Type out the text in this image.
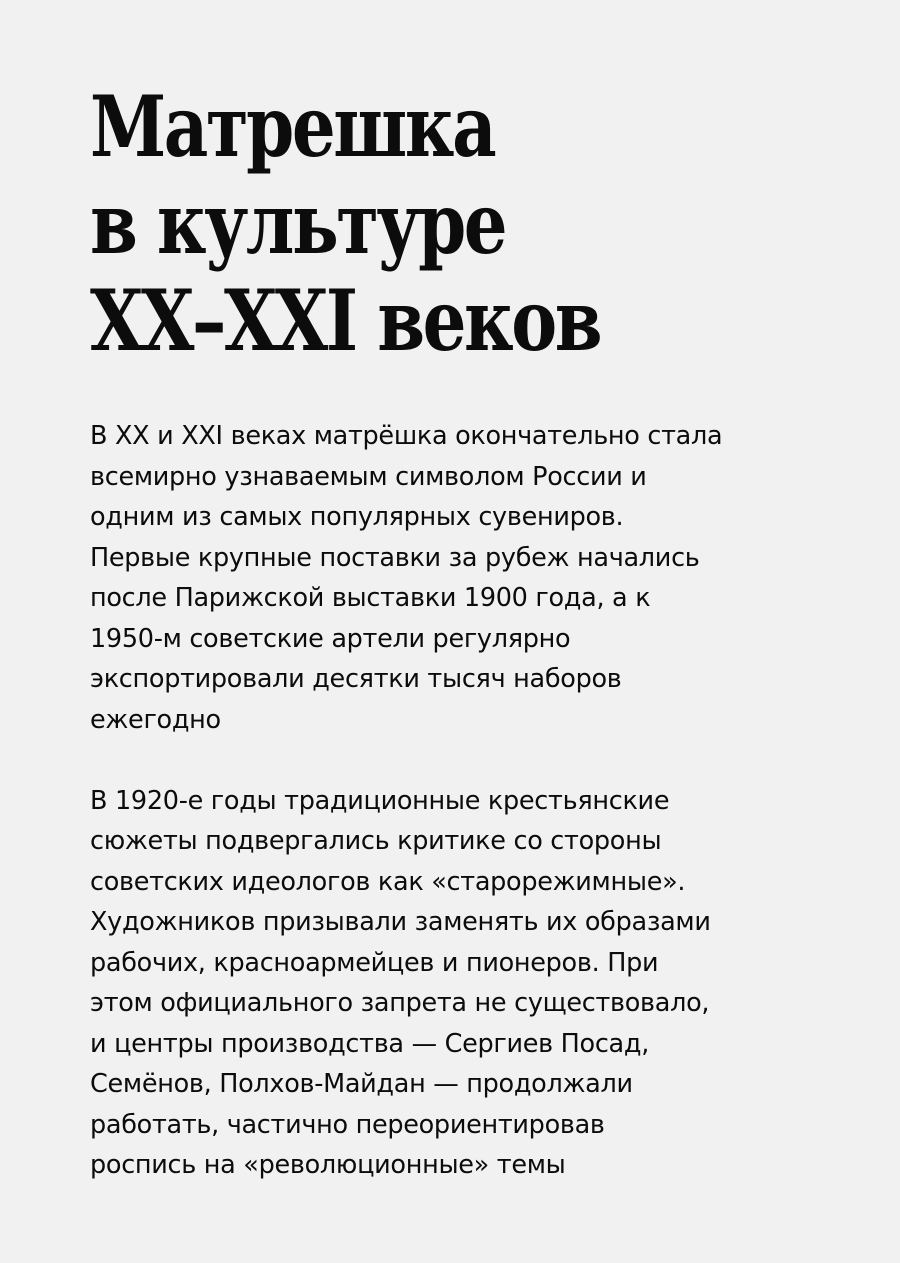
Матрешка
в культуре
XX–XXI веков

В XX и XXI веках матрёшка окончательно стала
всемирно узнаваемым символом России и
одним из самых популярных сувениров.
Первые крупные поставки за рубеж начались
после Парижской выставки 1900 года, а к
1950-м советские артели регулярно
экспортировали десятки тысяч наборов
ежегодно

В 1920-е годы традиционные крестьянские
сюжеты подвергались критике со стороны
советских идеологов как «старорежимные».
Художников призывали заменять их образами
рабочих, красноармейцев и пионеров. При
этом официального запрета не существовало,
и центры производства — Сергиев Посад,
Семёнов, Полхов-Майдан — продолжали
работать, частично переориентировав
роспись на «революционные» темы
